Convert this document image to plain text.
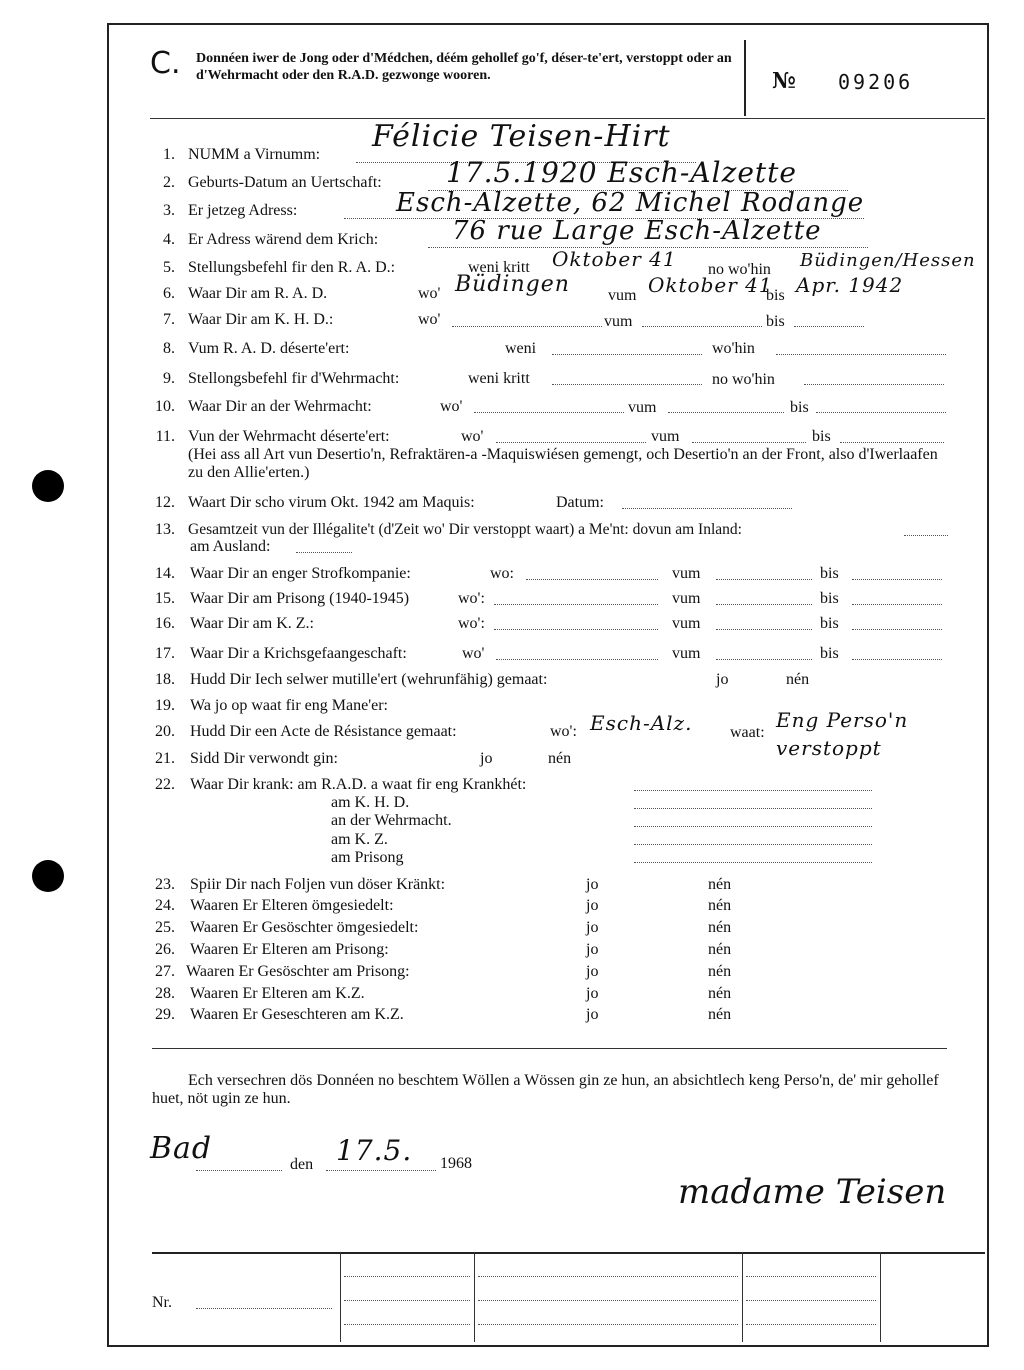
C. Donnéen iwer de Jong oder d'Médchen, déém gehollef go'f, déser-te'ert, verstoppt oder an d'Wehrmacht oder den R.A.D. gezwonge wooren.	№ 09206
1. NUMM a Virnumm:
Félicie Teisen-Hirt
2. Geburts-Datum an Uertschaft: 17.5.1920 Esch-Alzette
3. Er jetzeg Adress:	Esch-Alzette, 62 Michel Rodange
4. Er Adress wärend dem Krich:	76 rue Large Esch-Alzette
5. Stellungsbefehl fir den R. A. D.:	weni kritt Oktober 41 no wo'hin Büdingen/Hessen
6. Waar Dir am R. A. D.	wo' Büdingen vum Oktober 41
bis Apr. 1942
7. Waar Dir am K. H. D.:	wo'	vum	bis
8. Vum R. A. D. déserte'ert:	weni	wo'hin
9. Stellongsbefehl fir d'Wehrmacht:	weni kritt	no wo'hin
10. Waar Dir an der Wehrmacht:	wo'	vum	bis
11. Vun der Wehrmacht déserte'ert:	wo'	vum	bis
(Hei ass all Art vun Desertio'n, Refraktären-a -Maquiswiésen gemengt, och Desertio'n an der Front, also d'Iwerlaafen zu den Allie'erten.)
12. Waart Dir scho virum Okt. 1942 am Maquis:	Datum:
13. Gesamtzeit vun der Illégalite't (d'Zeit wo' Dir verstoppt waart) a Me'nt: dovun am Inland:
am Ausland:
14. Waar Dir an enger Strofkompanie:	wo:	vum	bis
15. Waar Dir am Prisong (1940-1945)	wo':	vum	bis
16. Waar Dir am K. Z.:	wo':	vum	bis
17. Waar Dir a Krichsgefaangeschaft:	wo'	vum	bis
18. Hudd Dir Iech selwer mutille'ert (wehrunfähig) gemaat:	jo	nén
19. Wa jo op waat fir eng Mane'er:
20. Hudd Dir een Acte de Résistance gemaat:	wo': Esch-Alz. waat:
Eng Perso'n verstoppt
21. Sidd Dir verwondt gin:	jo	nén
22. Waar Dir krank: am R.A.D. a waat fir eng Krankhét:
am K. H. D.
an der Wehrmacht.
am K. Z.
am Prisong
23. Spiir Dir nach Foljen vun döser Kränkt:	jo	nén
24. Waaren Er Elteren ömgesiedelt:	jo	nén
25. Waaren Er Gesöschter ömgesiedelt:	jo	nén
26. Waaren Er Elteren am Prisong:	jo	nén
27. Waaren Er Gesöschter am Prisong:	jo	nén
28. Waaren Er Elteren am K.Z.	jo	nén
29. Waaren Er Geseschteren am K.Z.	jo	nén
Ech versechren dös Donnéen no beschtem Wöllen a Wössen gin ze hun, an absichtlech keng Perso'n, de' mir gehollef huet, nöt ugin ze hun.
Bad	den 17.5. 1968
madame Teisen
Nr.
